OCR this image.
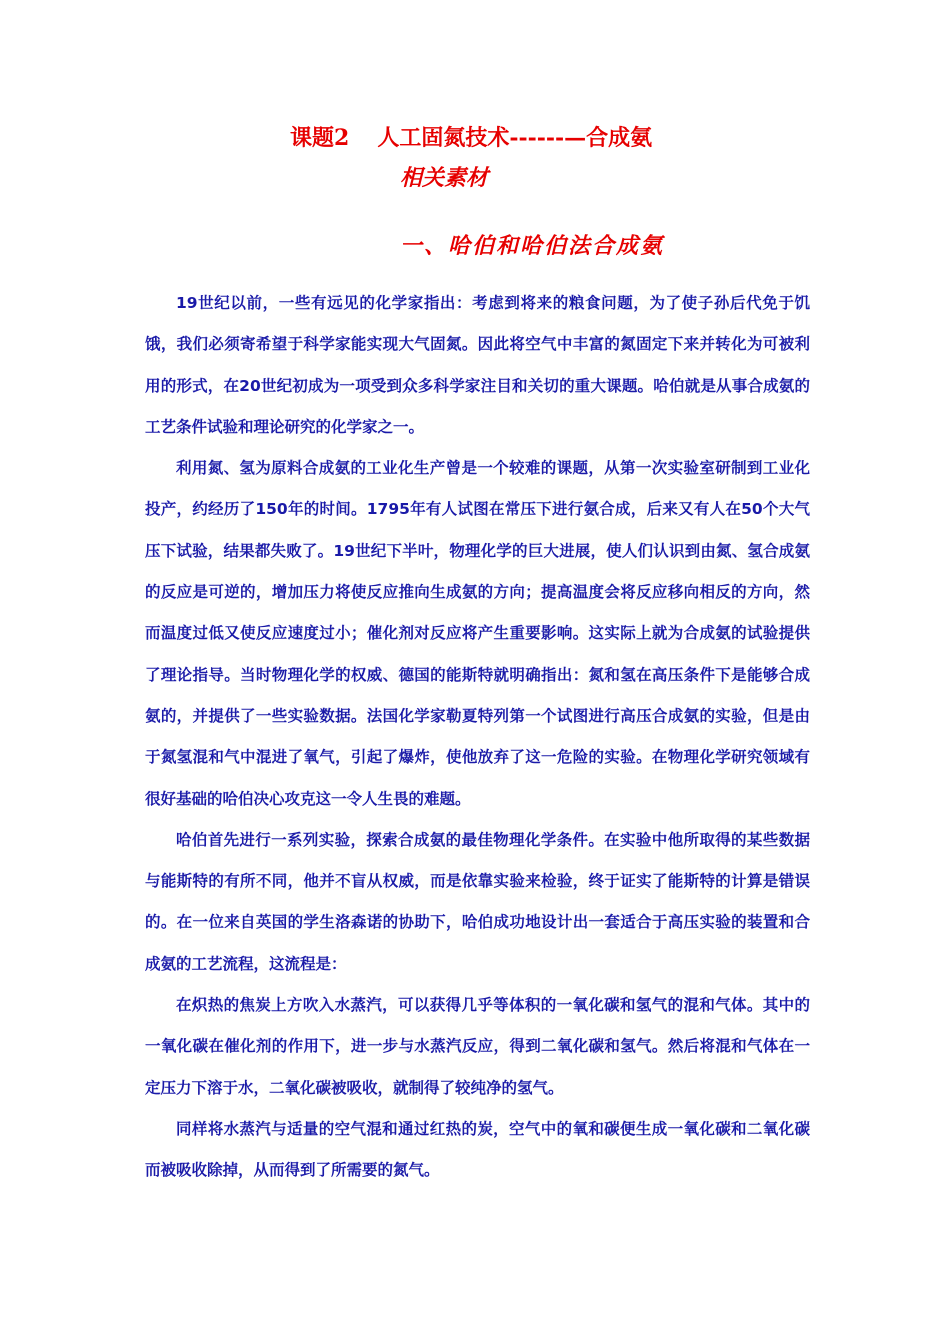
课题2 人工固氮技术------—合成氨
相关素材
一、哈伯和哈伯法合成氨

19世纪以前，一些有远见的化学家指出：考虑到将来的粮食问题，为了使子孙后代免于饥饿，我们必须寄希望于科学家能实现大气固氮。因此将空气中丰富的氮固定下来并转化为可被利用的形式，在20世纪初成为一项受到众多科学家注目和关切的重大课题。哈伯就是从事合成氨的工艺条件试验和理论研究的化学家之一。

利用氮、氢为原料合成氨的工业化生产曾是一个较难的课题，从第一次实验室研制到工业化投产，约经历了150年的时间。1795年有人试图在常压下进行氨合成，后来又有人在50个大气压下试验，结果都失败了。19世纪下半叶，物理化学的巨大进展，使人们认识到由氮、氢合成氨的反应是可逆的，增加压力将使反应推向生成氨的方向；提高温度会将反应移向相反的方向，然而温度过低又使反应速度过小；催化剂对反应将产生重要影响。这实际上就为合成氨的试验提供了理论指导。当时物理化学的权威、德国的能斯特就明确指出：氮和氢在高压条件下是能够合成氨的，并提供了一些实验数据。法国化学家勒夏特列第一个试图进行高压合成氨的实验，但是由于氮氢混和气中混进了氧气，引起了爆炸，使他放弃了这一危险的实验。在物理化学研究领域有很好基础的哈伯决心攻克这一令人生畏的难题。

哈伯首先进行一系列实验，探索合成氨的最佳物理化学条件。在实验中他所取得的某些数据与能斯特的有所不同，他并不盲从权威，而是依靠实验来检验，终于证实了能斯特的计算是错误的。在一位来自英国的学生洛森诺的协助下，哈伯成功地设计出一套适合于高压实验的装置和合成氨的工艺流程，这流程是：

在炽热的焦炭上方吹入水蒸汽，可以获得几乎等体积的一氧化碳和氢气的混和气体。其中的一氧化碳在催化剂的作用下，进一步与水蒸汽反应，得到二氧化碳和氢气。然后将混和气体在一定压力下溶于水，二氧化碳被吸收，就制得了较纯净的氢气。

同样将水蒸汽与适量的空气混和通过红热的炭，空气中的氧和碳便生成一氧化碳和二氧化碳而被吸收除掉，从而得到了所需要的氮气。
